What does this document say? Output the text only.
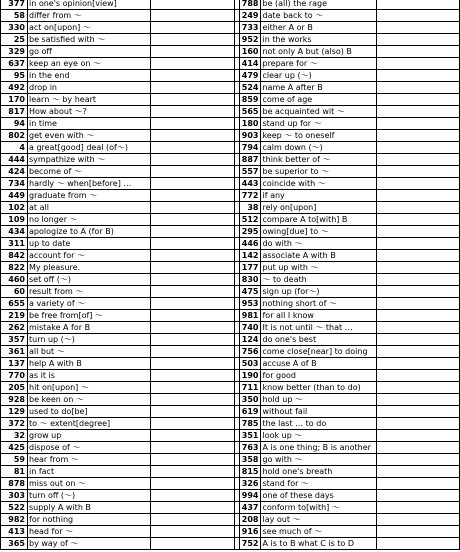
377	in one's opinion[view]	
58	differ from ～	
330	act on[upon] ～	
25	be satisfied with ～	
329	go off	
637	keep an eye on ～	
95	in the end	
492	drop in	
170	learn ～ by heart	
817	How about ～?	
94	in time	
802	get even with ～	
4	a great[good] deal (of～)	
444	sympathize with ～	
424	become of ～	
734	hardly ～ when[before] …	
449	graduate from ～	
102	at all	
109	no longer ～	
434	apologize to A (for B)	
311	up to date	
842	account for ～	
822	My pleasure.	
460	set off (～)	
60	result from ～	
655	a variety of ～	
219	be free from[of] ～	
262	mistake A for B	
357	turn up (～)	
361	all but ～	
137	help A with B	
770	as it is	
205	hit on[upon] ～	
928	be keen on ～	
129	used to do[be]	
372	to ～ extent[degree]	
32	grow up	
425	dispose of ～	
59	hear from ～	
81	in fact	
878	miss out on ～	
303	turn off (～)	
522	supply A with B	
982	for nothing	
413	head for ～	
365	by way of ～	
788	be (all) the rage	
249	date back to ～	
733	either A or B	
952	in the works	
160	not only A but (also) B	
414	prepare for ～	
479	clear up (～)	
524	name A after B	
859	come of age	
565	be acquainted wit ～	
180	stand up for ～	
903	keep ～ to oneself	
794	calm down (～)	
887	think better of ～	
557	be superior to ～	
443	coincide with ～	
772	if any	
38	rely on[upon]	
512	compare A to[with] B	
295	owing[due] to ～	
446	do with ～	
142	associate A with B	
177	put up with ～	
830	～ to death	
475	sign up (for～)	
953	nothing short of ～	
981	for all I know	
740	It is not until ～ that …	
124	do one's best	
756	come close[near] to doing	
503	accuse A of B	
190	for good	
711	know better (than to do)	
350	hold up ～	
619	without fail	
785	the last … to do	
351	look up ～	
763	A is one thing; B is another	
358	go with ～	
815	hold one's breath	
326	stand for ～	
994	one of these days	
437	conform to[with] ～	
208	lay out ～	
916	see much of ～	
752	A is to B what C is to D	
